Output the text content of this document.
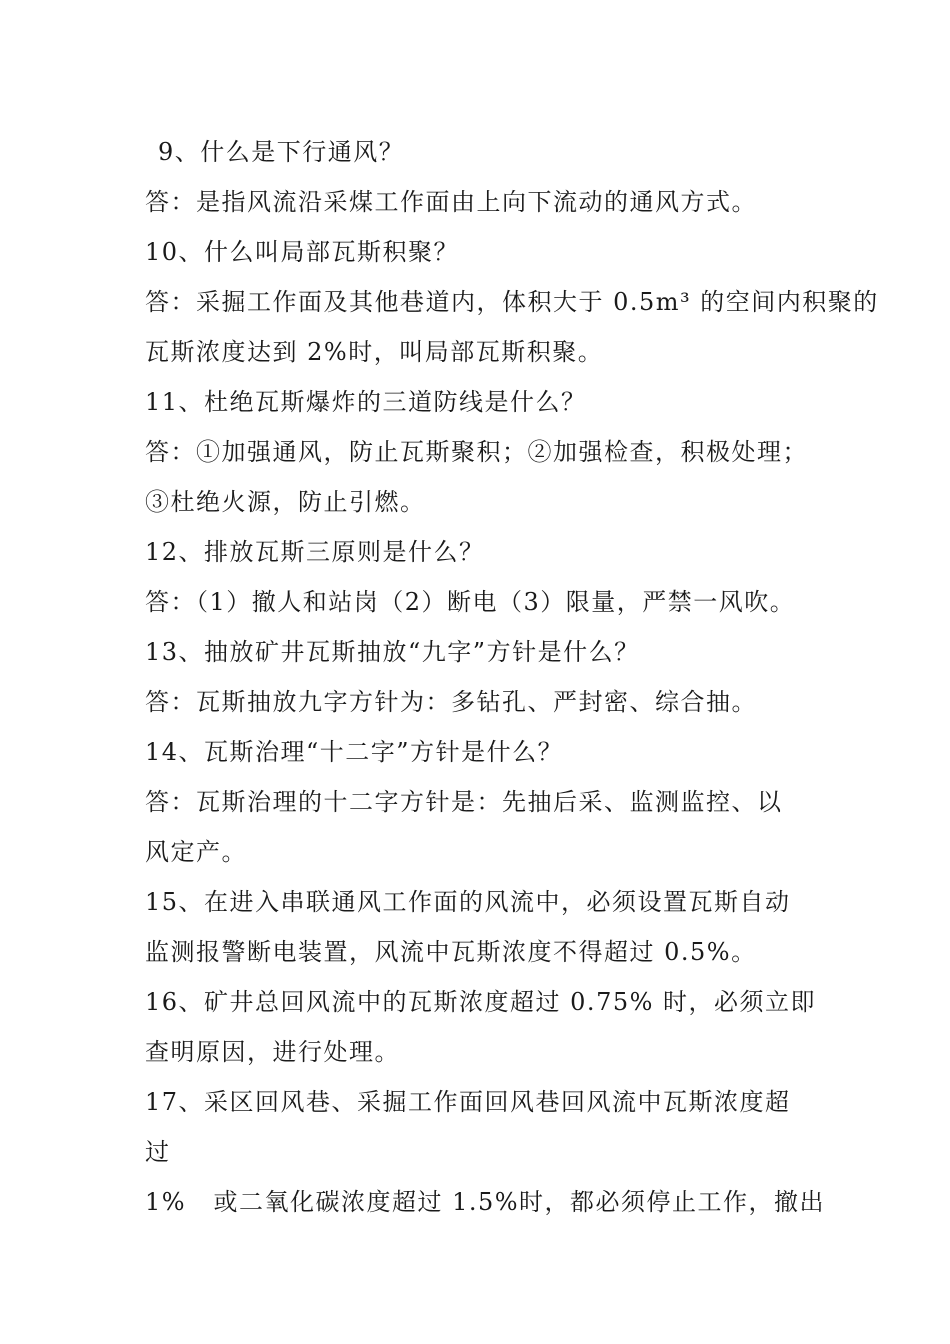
9、什么是下行通风？
答：是指风流沿采煤工作面由上向下流动的通风方式。
10、什么叫局部瓦斯积聚？
答：采掘工作面及其他巷道内，体积大于 0.5m³ 的空间内积聚的
瓦斯浓度达到 2%时，叫局部瓦斯积聚。
11、杜绝瓦斯爆炸的三道防线是什么？
答：①加强通风，防止瓦斯聚积；②加强检查，积极处理；
③杜绝火源，防止引燃。
12、排放瓦斯三原则是什么？
答：（1）撤人和站岗（2）断电（3）限量，严禁一风吹。
13、抽放矿井瓦斯抽放“九字”方针是什么？
答：瓦斯抽放九字方针为：多钻孔、严封密、综合抽。
14、瓦斯治理“十二字”方针是什么？
答：瓦斯治理的十二字方针是：先抽后采、监测监控、以
风定产。
15、在进入串联通风工作面的风流中，必须设置瓦斯自动
监测报警断电装置，风流中瓦斯浓度不得超过 0.5%。
16、矿井总回风流中的瓦斯浓度超过 0.75% 时，必须立即
查明原因，进行处理。
17、采区回风巷、采掘工作面回风巷回风流中瓦斯浓度超
过
1%   或二氧化碳浓度超过 1.5%时，都必须停止工作，撤出
